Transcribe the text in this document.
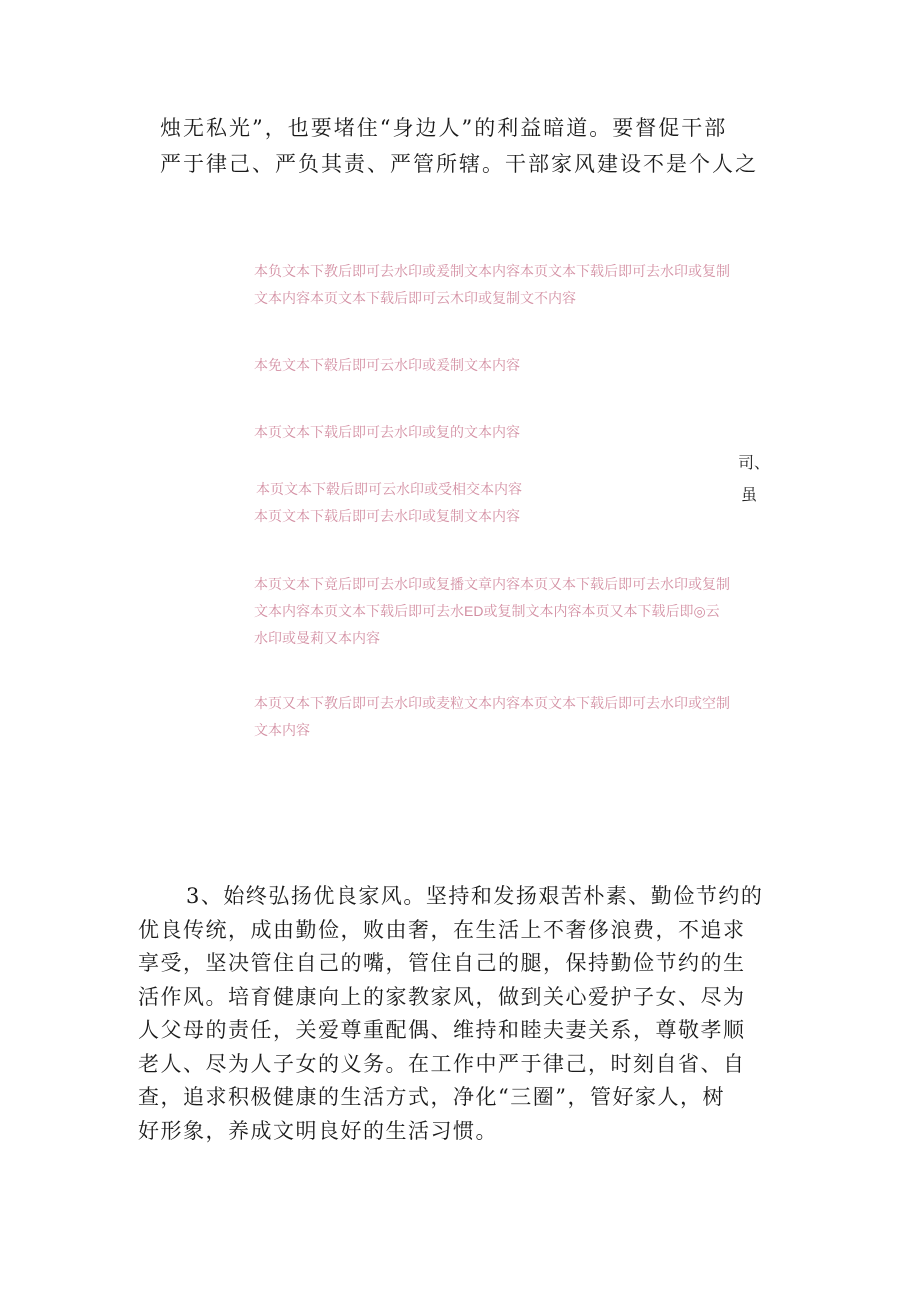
烛无私光”，也要堵住“身边人”的利益暗道。要督促干部
严于律己、严负其责、严管所辖。干部家风建设不是个人之

本负文本下教后即可去水印或爰制文本内容本页文本下载后即可去水印或复制
文本内容本页文本下载后即可云木印或复制文不内容

本免文本下毂后即可云水印或爰制文本内容

本页文本下载后即可去水印或复的文本内容

本页文本下毂后即可云水印或受相交本内容
本页文本下载后即可去水印或复制文本内容

本页文本下竟后即可去水印或复播文章内容本页又本下载后即可去水印或复制
文本内容本页文本下载后即可去水ED或复制文本内容本页又本下载后即◎云
水印或曼莉又本内容

本页又本下教后即可去水印或麦粒文本内容本页文本下载后即可去水印或空制
文本内容

司、
虽

3、始终弘扬优良家风。坚持和发扬艰苦朴素、勤俭节约的
优良传统，成由勤俭，败由奢，在生活上不奢侈浪费，不追求
享受，坚决管住自己的嘴，管住自己的腿，保持勤俭节约的生
活作风。培育健康向上的家教家风，做到关心爱护子女、尽为
人父母的责任，关爱尊重配偶、维持和睦夫妻关系，尊敬孝顺
老人、尽为人子女的义务。在工作中严于律己，时刻自省、自
查，追求积极健康的生活方式，净化“三圈”，管好家人，树
好形象，养成文明良好的生活习惯。
